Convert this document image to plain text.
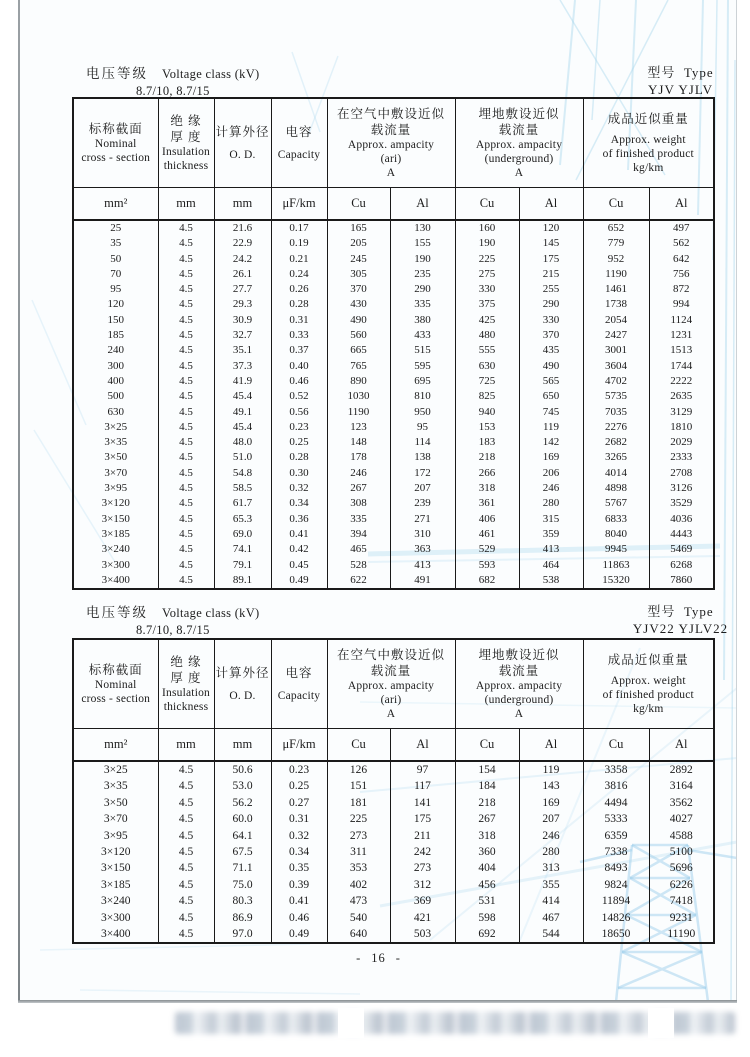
电压等级 Voltage class (kV)
8.7/10, 8.7/15
型号 Type
YJV YJLV
标称截面
Nominal
cross - section

绝 缘
厚 度
Insulation
thickness

计算外径
O. D.

电容
Capacity

在空气中敷设近似
载流量
Approx. ampacity
(ari)
A

埋地敷设近似
载流量
Approx. ampacity
(underground)
A

成品近似重量
Approx. weight
of finished product
kg/km

mm²	mm	mm	μF/km	Cu	Al	Cu	Al	Cu	Al
25	4.5	21.6	0.17	165	130	160	120	652	497
35	4.5	22.9	0.19	205	155	190	145	779	562
50	4.5	24.2	0.21	245	190	225	175	952	642
70	4.5	26.1	0.24	305	235	275	215	1190	756
95	4.5	27.7	0.26	370	290	330	255	1461	872
120	4.5	29.3	0.28	430	335	375	290	1738	994
150	4.5	30.9	0.31	490	380	425	330	2054	1124
185	4.5	32.7	0.33	560	433	480	370	2427	1231
240	4.5	35.1	0.37	665	515	555	435	3001	1513
300	4.5	37.3	0.40	765	595	630	490	3604	1744
400	4.5	41.9	0.46	890	695	725	565	4702	2222
500	4.5	45.4	0.52	1030	810	825	650	5735	2635
630	4.5	49.1	0.56	1190	950	940	745	7035	3129
3×25	4.5	45.4	0.23	123	95	153	119	2276	1810
3×35	4.5	48.0	0.25	148	114	183	142	2682	2029
3×50	4.5	51.0	0.28	178	138	218	169	3265	2333
3×70	4.5	54.8	0.30	246	172	266	206	4014	2708
3×95	4.5	58.5	0.32	267	207	318	246	4898	3126
3×120	4.5	61.7	0.34	308	239	361	280	5767	3529
3×150	4.5	65.3	0.36	335	271	406	315	6833	4036
3×185	4.5	69.0	0.41	394	310	461	359	8040	4443
3×240	4.5	74.1	0.42	465	363	529	413	9945	5469
3×300	4.5	79.1	0.45	528	413	593	464	11863	6268
3×400	4.5	89.1	0.49	622	491	682	538	15320	7860
电压等级 Voltage class (kV)
8.7/10, 8.7/15
型号 Type
YJV22 YJLV22
标称截面
Nominal
cross - section

绝 缘
厚 度
Insulation
thickness

计算外径
O. D.

电容
Capacity

在空气中敷设近似
载流量
Approx. ampacity
(ari)
A

埋地敷设近似
载流量
Approx. ampacity
(underground)
A

成品近似重量
Approx. weight
of finished product
kg/km

mm²	mm	mm	μF/km	Cu	Al	Cu	Al	Cu	Al
3×25	4.5	50.6	0.23	126	97	154	119	3358	2892
3×35	4.5	53.0	0.25	151	117	184	143	3816	3164
3×50	4.5	56.2	0.27	181	141	218	169	4494	3562
3×70	4.5	60.0	0.31	225	175	267	207	5333	4027
3×95	4.5	64.1	0.32	273	211	318	246	6359	4588
3×120	4.5	67.5	0.34	311	242	360	280	7338	5100
3×150	4.5	71.1	0.35	353	273	404	313	8493	5696
3×185	4.5	75.0	0.39	402	312	456	355	9824	6226
3×240	4.5	80.3	0.41	473	369	531	414	11894	7418
3×300	4.5	86.9	0.46	540	421	598	467	14826	9231
3×400	4.5	97.0	0.49	640	503	692	544	18650	11190
- 16 -
